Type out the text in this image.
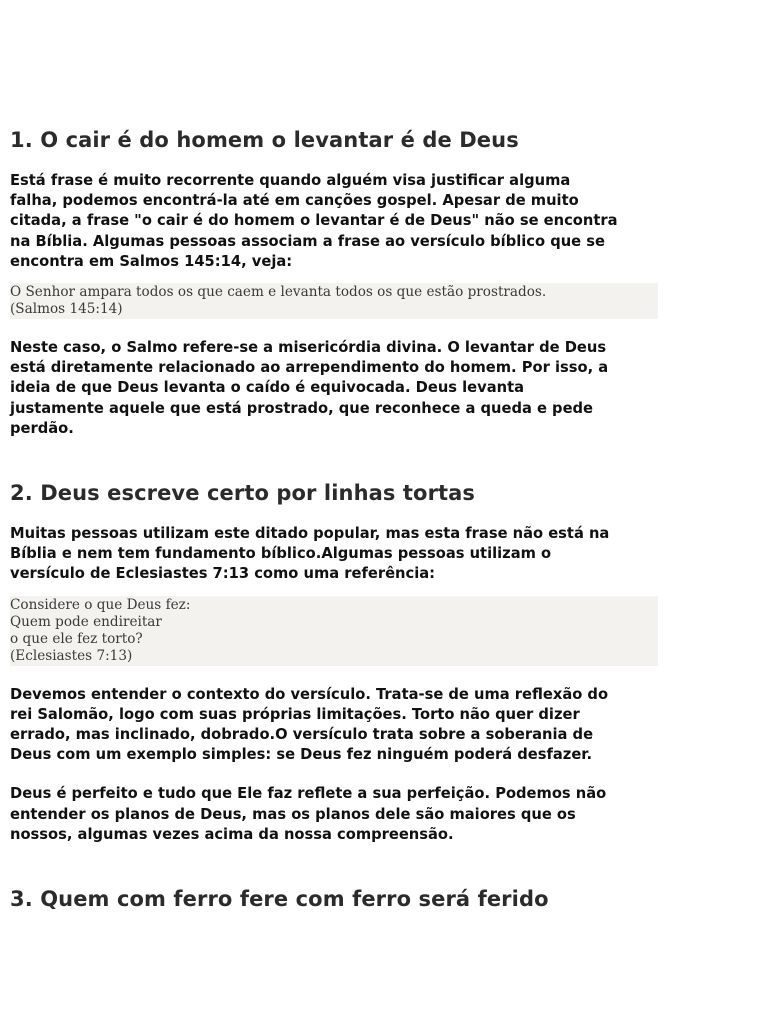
1. O cair é do homem o levantar é de Deus

Está frase é muito recorrente quando alguém visa justificar alguma
falha, podemos encontrá-la até em canções gospel. Apesar de muito
citada, a frase "o cair é do homem o levantar é de Deus" não se encontra
na Bíblia. Algumas pessoas associam a frase ao versículo bíblico que se
encontra em Salmos 145:14, veja:

O Senhor ampara todos os que caem e levanta todos os que estão prostrados.
(Salmos 145:14)

Neste caso, o Salmo refere-se a misericórdia divina. O levantar de Deus
está diretamente relacionado ao arrependimento do homem. Por isso, a
ideia de que Deus levanta o caído é equivocada. Deus levanta
justamente aquele que está prostrado, que reconhece a queda e pede
perdão.

2. Deus escreve certo por linhas tortas

Muitas pessoas utilizam este ditado popular, mas esta frase não está na
Bíblia e nem tem fundamento bíblico.Algumas pessoas utilizam o
versículo de Eclesiastes 7:13 como uma referência:

Considere o que Deus fez:
Quem pode endireitar
o que ele fez torto?
(Eclesiastes 7:13)

Devemos entender o contexto do versículo. Trata-se de uma reflexão do
rei Salomão, logo com suas próprias limitações. Torto não quer dizer
errado, mas inclinado, dobrado.O versículo trata sobre a soberania de
Deus com um exemplo simples: se Deus fez ninguém poderá desfazer.

Deus é perfeito e tudo que Ele faz reflete a sua perfeição. Podemos não
entender os planos de Deus, mas os planos dele são maiores que os
nossos, algumas vezes acima da nossa compreensão.

3. Quem com ferro fere com ferro será ferido
